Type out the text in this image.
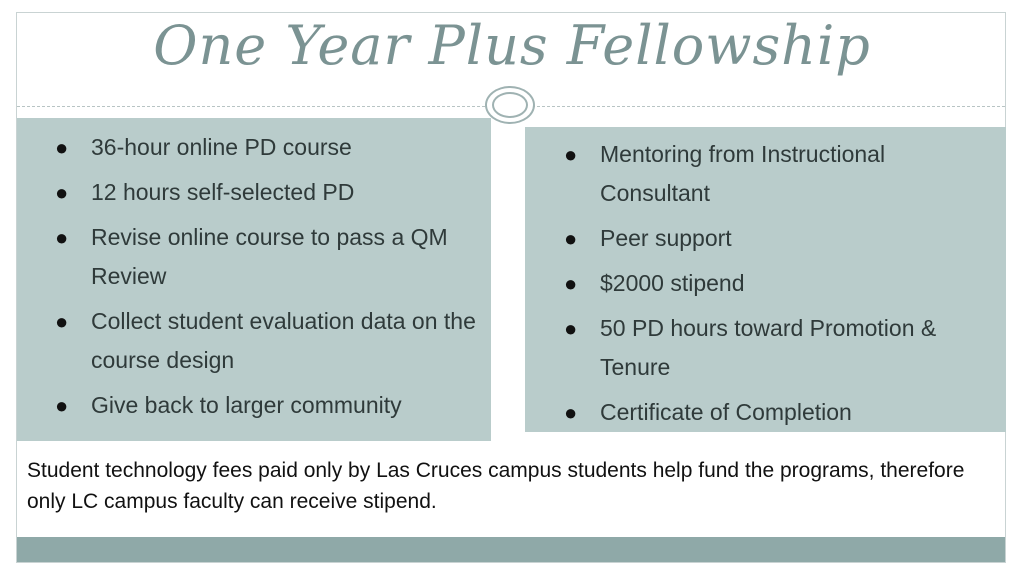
One Year Plus Fellowship
● 36-hour online PD course
● 12 hours self-selected PD
● Revise online course to pass a QM Review
● Collect student evaluation data on the course design
● Give back to larger community
● Mentoring from Instructional Consultant
● Peer support
● $2000 stipend
● 50 PD hours toward Promotion & Tenure
● Certificate of Completion
Student technology fees paid only by Las Cruces campus students help fund the programs, therefore only LC campus faculty can receive stipend.
